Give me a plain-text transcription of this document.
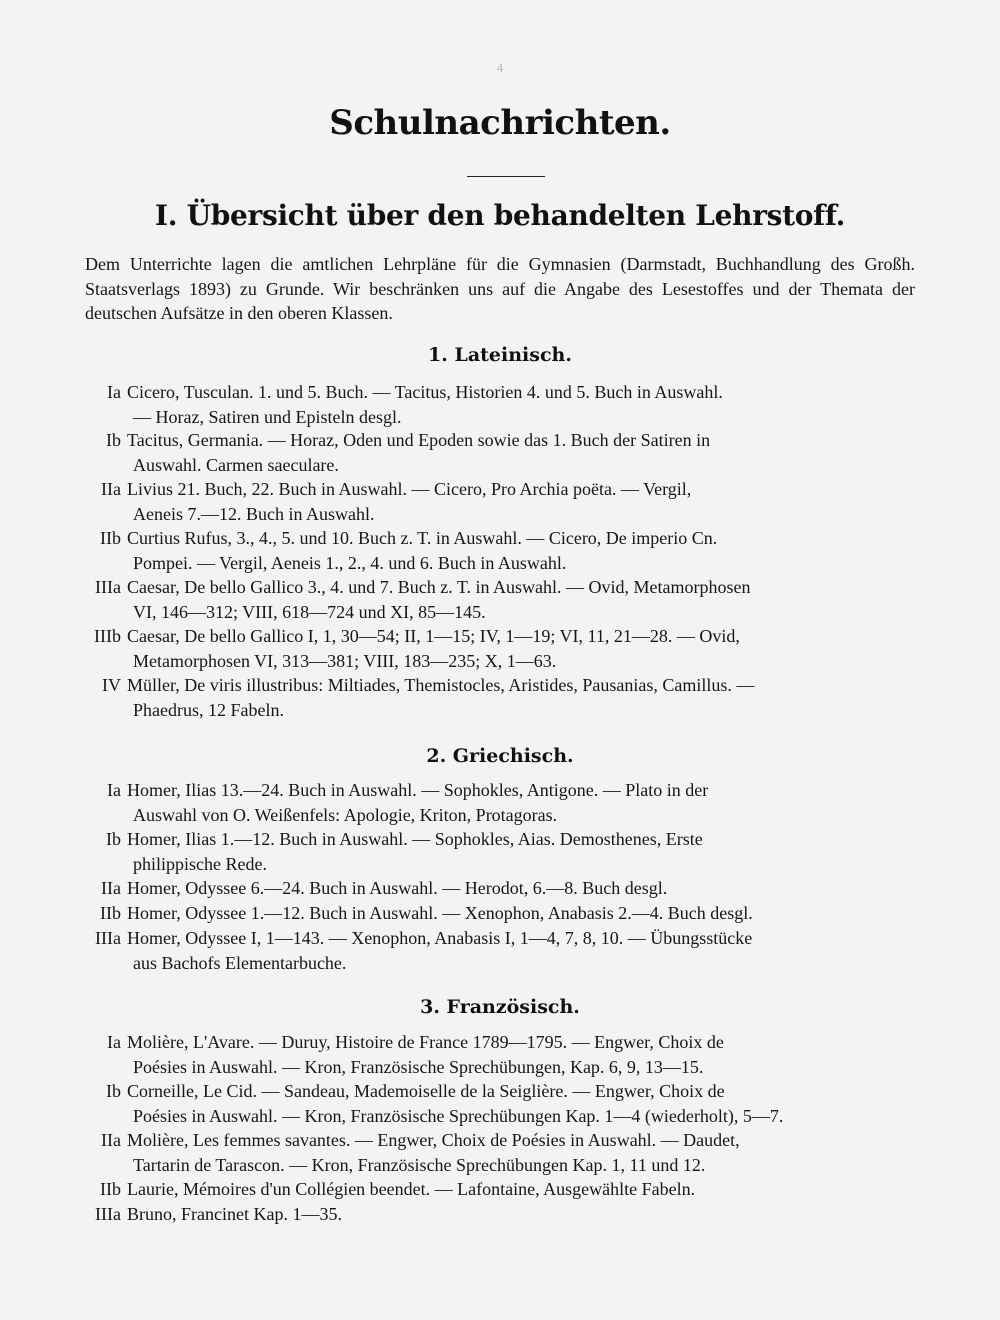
4
Schulnachrichten.
I. Übersicht über den behandelten Lehrstoff.
Dem Unterrichte lagen die amtlichen Lehrpläne für die Gymnasien (Darmstadt, Buchhandlung des Großh. Staatsverlags 1893) zu Grunde. Wir beschränken uns auf die Angabe des Lesestoffes und der Themata der deutschen Aufsätze in den oberen Klassen.
1. Lateinisch.
Ia Cicero, Tusculan. 1. und 5. Buch. — Tacitus, Historien 4. und 5. Buch in Auswahl.
— Horaz, Satiren und Episteln desgl.
Ib Tacitus, Germania. — Horaz, Oden und Epoden sowie das 1. Buch der Satiren in
Auswahl. Carmen saeculare.
IIa Livius 21. Buch, 22. Buch in Auswahl. — Cicero, Pro Archia poëta. — Vergil,
Aeneis 7.—12. Buch in Auswahl.
IIb Curtius Rufus, 3., 4., 5. und 10. Buch z. T. in Auswahl. — Cicero, De imperio Cn.
Pompei. — Vergil, Aeneis 1., 2., 4. und 6. Buch in Auswahl.
IIIa Caesar, De bello Gallico 3., 4. und 7. Buch z. T. in Auswahl. — Ovid, Metamorphosen
VI, 146—312; VIII, 618—724 und XI, 85—145.
IIIb Caesar, De bello Gallico I, 1, 30—54; II, 1—15; IV, 1—19; VI, 11, 21—28. — Ovid,
Metamorphosen VI, 313—381; VIII, 183—235; X, 1—63.
IV Müller, De viris illustribus: Miltiades, Themistocles, Aristides, Pausanias, Camillus. —
Phaedrus, 12 Fabeln.
2. Griechisch.
Ia Homer, Ilias 13.—24. Buch in Auswahl. — Sophokles, Antigone. — Plato in der
Auswahl von O. Weißenfels: Apologie, Kriton, Protagoras.
Ib Homer, Ilias 1.—12. Buch in Auswahl. — Sophokles, Aias. Demosthenes, Erste
philippische Rede.
IIa Homer, Odyssee 6.—24. Buch in Auswahl. — Herodot, 6.—8. Buch desgl.
IIb Homer, Odyssee 1.—12. Buch in Auswahl. — Xenophon, Anabasis 2.—4. Buch desgl.
IIIa Homer, Odyssee I, 1—143. — Xenophon, Anabasis I, 1—4, 7, 8, 10. — Übungsstücke
aus Bachofs Elementarbuche.
3. Französisch.
Ia Molière, L'Avare. — Duruy, Histoire de France 1789—1795. — Engwer, Choix de
Poésies in Auswahl. — Kron, Französische Sprechübungen, Kap. 6, 9, 13—15.
Ib Corneille, Le Cid. — Sandeau, Mademoiselle de la Seiglière. — Engwer, Choix de
Poésies in Auswahl. — Kron, Französische Sprechübungen Kap. 1—4 (wiederholt), 5—7.
IIa Molière, Les femmes savantes. — Engwer, Choix de Poésies in Auswahl. — Daudet,
Tartarin de Tarascon. — Kron, Französische Sprechübungen Kap. 1, 11 und 12.
IIb Laurie, Mémoires d'un Collégien beendet. — Lafontaine, Ausgewählte Fabeln.
IIIa Bruno, Francinet Kap. 1—35.
